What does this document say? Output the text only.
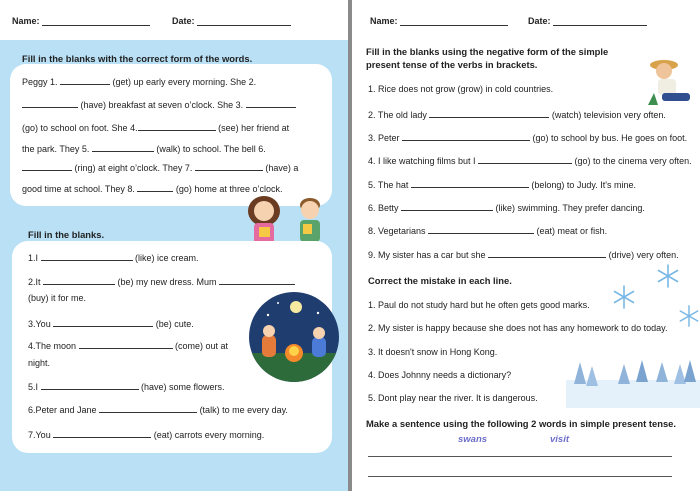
Name:	Date:
Fill in the blanks with the correct form of the words.
Peggy 1.	(get) up early every morning. She 2.
(have) breakfast at seven o’clock. She 3.
(go) to school on foot. She 4.	(see) her friend at
the park. They 5.	(walk) to school. The bell 6.
(ring) at eight o’clock. They 7.	(have) a
good time at school. They 8.	(go) home at three o’clock.
Fill in the blanks.
1.I	(like) ice cream.
2.It	(be) my new dress. Mum
(buy) it for me.
3.You	(be) cute.
4.The moon	(come) out at
night.
5.I	(have) some flowers.
6.Peter and Jane	(talk) to me every day.
7.You	(eat) carrots every morning.
Name:	Date:
Fill in the blanks using the negative form of the simple
present tense of the verbs in brackets.
1. Rice does not grow (grow) in cold countries.
2. The old lady	(watch) television very often.
3. Peter	(go) to school by bus. He goes on foot.
4. I like watching films but I	(go) to the cinema very often.
5. The hat	(belong) to Judy. It's mine.
6. Betty	(like) swimming. They prefer dancing.
8. Vegetarians	(eat) meat or fish.
9. My sister has a car but she	(drive) very often.
Correct the mistake in each line.
1. Paul do not study hard but he often gets good marks.
2. My sister is happy because she does not has any homework to do today.
3. It doesn't snow in Hong Kong.
4. Does Johnny needs a dictionary?
5. Dont play near the river. It is dangerous.
Make a sentence using the following 2 words in simple present tense.
swans	visit
